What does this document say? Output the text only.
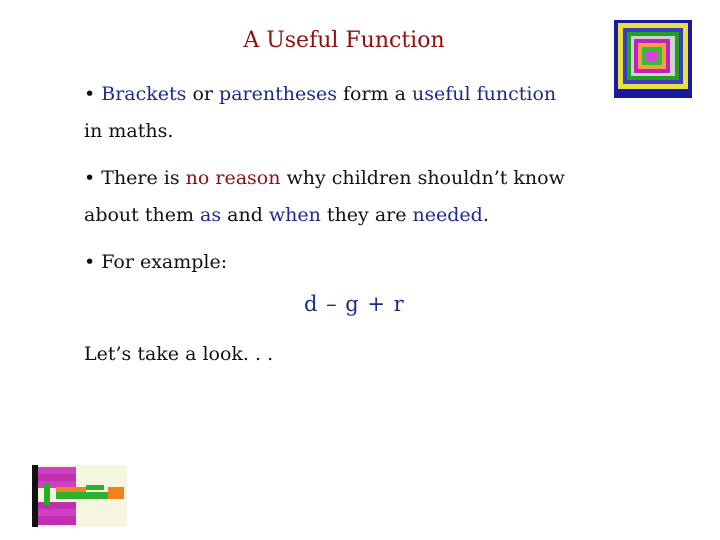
A Useful Function
• Brackets or parentheses form a useful function in maths.
• There is no reason why children shouldn’t know about them as and when they are needed.
• For example:
d – g + r
Let’s take a look. . .
